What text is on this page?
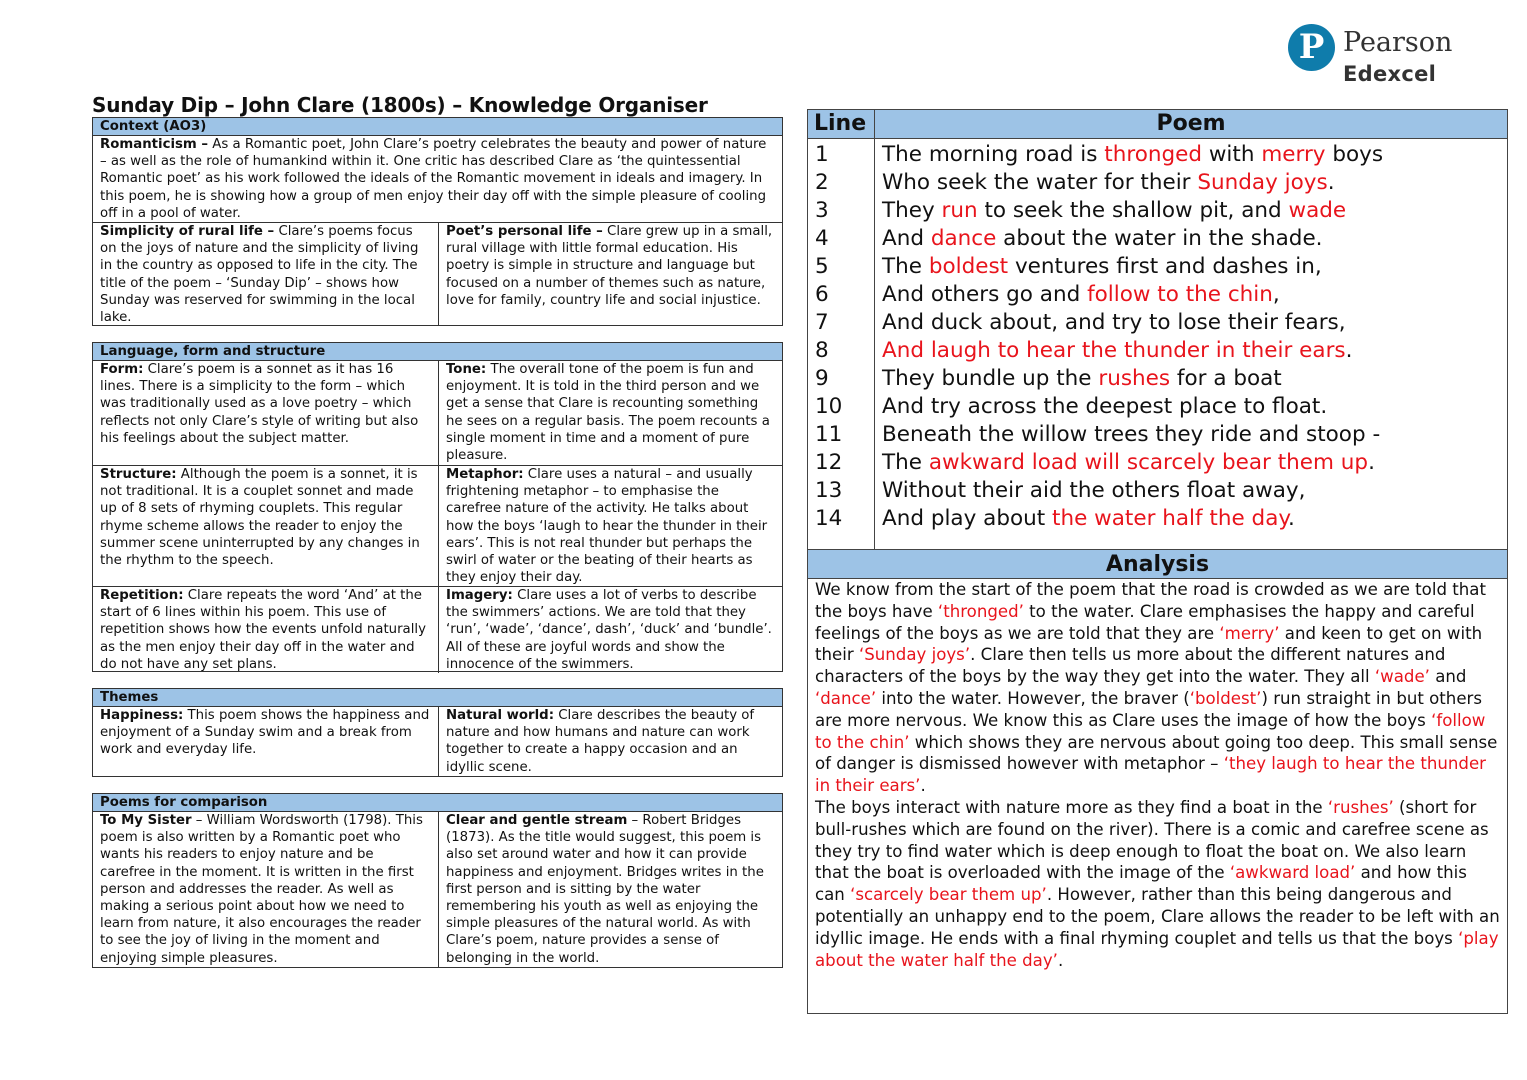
P Pearson
Edexcel
Sunday Dip – John Clare (1800s) – Knowledge Organiser
Context (AO3)
Romanticism – As a Romantic poet, John Clare’s poetry celebrates the beauty and power of nature – as well as the role of humankind within it. One critic has described Clare as ‘the quintessential Romantic poet’ as his work followed the ideals of the Romantic movement in ideals and imagery. In this poem, he is showing how a group of men enjoy their day off with the simple pleasure of cooling off in a pool of water.
Simplicity of rural life – Clare’s poems focus on the joys of nature and the simplicity of living in the country as opposed to life in the city. The title of the poem – ‘Sunday Dip’ – shows how Sunday was reserved for swimming in the local lake.
Poet’s personal life – Clare grew up in a small, rural village with little formal education. His poetry is simple in structure and language but focused on a number of themes such as nature, love for family, country life and social injustice.
Language, form and structure
Form: Clare’s poem is a sonnet as it has 16 lines. There is a simplicity to the form – which was traditionally used as a love poetry – which reflects not only Clare’s style of writing but also his feelings about the subject matter.
Tone: The overall tone of the poem is fun and enjoyment. It is told in the third person and we get a sense that Clare is recounting something he sees on a regular basis. The poem recounts a single moment in time and a moment of pure pleasure.
Structure: Although the poem is a sonnet, it is not traditional. It is a couplet sonnet and made up of 8 sets of rhyming couplets. This regular rhyme scheme allows the reader to enjoy the summer scene uninterrupted by any changes in the rhythm to the speech.
Metaphor: Clare uses a natural – and usually frightening metaphor – to emphasise the carefree nature of the activity. He talks about how the boys ‘laugh to hear the thunder in their ears’. This is not real thunder but perhaps the swirl of water or the beating of their hearts as they enjoy their day.
Repetition: Clare repeats the word ‘And’ at the start of 6 lines within his poem. This use of repetition shows how the events unfold naturally as the men enjoy their day off in the water and do not have any set plans.
Imagery: Clare uses a lot of verbs to describe the swimmers’ actions. We are told that they ‘run’, ‘wade’, ‘dance’, dash’, ‘duck’ and ‘bundle’. All of these are joyful words and show the innocence of the swimmers.
Themes
Happiness: This poem shows the happiness and enjoyment of a Sunday swim and a break from work and everyday life.
Natural world: Clare describes the beauty of nature and how humans and nature can work together to create a happy occasion and an idyllic scene.
Poems for comparison
To My Sister – William Wordsworth (1798). This poem is also written by a Romantic poet who wants his readers to enjoy nature and be carefree in the moment. It is written in the first person and addresses the reader. As well as making a serious point about how we need to learn from nature, it also encourages the reader to see the joy of living in the moment and enjoying simple pleasures.
Clear and gentle stream – Robert Bridges (1873). As the title would suggest, this poem is also set around water and how it can provide happiness and enjoyment. Bridges writes in the first person and is sitting by the water remembering his youth as well as enjoying the simple pleasures of the natural world. As with Clare’s poem, nature provides a sense of belonging in the world.
Line	Poem
1
2
3
4
5
6
7
8
9
10
11
12
13
14
The morning road is thronged with merry boys
Who seek the water for their Sunday joys.
They run to seek the shallow pit, and wade
And dance about the water in the shade.
The boldest ventures first and dashes in,
And others go and follow to the chin,
And duck about, and try to lose their fears,
And laugh to hear the thunder in their ears.
They bundle up the rushes for a boat
And try across the deepest place to float.
Beneath the willow trees they ride and stoop -
The awkward load will scarcely bear them up.
Without their aid the others float away,
And play about the water half the day.
Analysis
We know from the start of the poem that the road is crowded as we are told that the boys have ‘thronged’ to the water. Clare emphasises the happy and careful feelings of the boys as we are told that they are ‘merry’ and keen to get on with their ‘Sunday joys’. Clare then tells us more about the different natures and characters of the boys by the way they get into the water. They all ‘wade’ and ‘dance’ into the water. However, the braver (‘boldest’) run straight in but others are more nervous. We know this as Clare uses the image of how the boys ‘follow to the chin’ which shows they are nervous about going too deep. This small sense of danger is dismissed however with metaphor – ‘they laugh to hear the thunder in their ears’.
The boys interact with nature more as they find a boat in the ‘rushes’ (short for bull-rushes which are found on the river). There is a comic and carefree scene as they try to find water which is deep enough to float the boat on. We also learn that the boat is overloaded with the image of the ‘awkward load’ and how this can ‘scarcely bear them up’. However, rather than this being dangerous and potentially an unhappy end to the poem, Clare allows the reader to be left with an idyllic image. He ends with a final rhyming couplet and tells us that the boys ‘play about the water half the day’.
